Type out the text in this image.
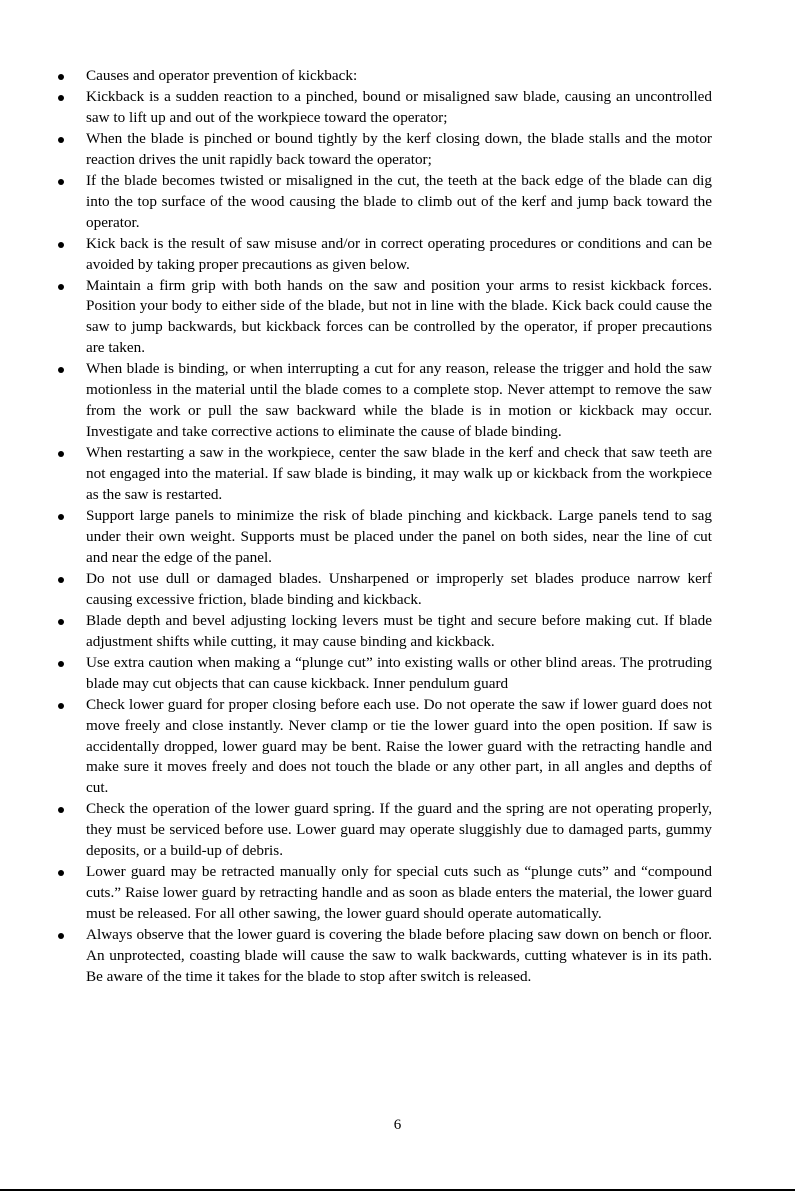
Causes and operator prevention of kickback:
Kickback is a sudden reaction to a pinched, bound or misaligned saw blade, causing an uncontrolled saw to lift up and out of the workpiece toward the operator;
When the blade is pinched or bound tightly by the kerf closing down, the blade stalls and the motor reaction drives the unit rapidly back toward the operator;
If the blade becomes twisted or misaligned in the cut, the teeth at the back edge of the blade can dig into the top surface of the wood causing the blade to climb out of the kerf and jump back toward the operator.
Kick back is the result of saw misuse and/or in correct operating procedures or conditions and can be avoided by taking proper precautions as given below.
Maintain a firm grip with both hands on the saw and position your arms to resist kickback forces. Position your body to either side of the blade, but not in line with the blade. Kick back could cause the saw to jump backwards, but kickback forces can be controlled by the operator, if proper precautions are taken.
When blade is binding, or when interrupting a cut for any reason, release the trigger and hold the saw motionless in the material until the blade comes to a complete stop. Never attempt to remove the saw from the work or pull the saw backward while the blade is in motion or kickback may occur. Investigate and take corrective actions to eliminate the cause of blade binding.
When restarting a saw in the workpiece, center the saw blade in the kerf and check that saw teeth are not engaged into the material. If saw blade is binding, it may walk up or kickback from the workpiece as the saw is restarted.
Support large panels to minimize the risk of blade pinching and kickback. Large panels tend to sag under their own weight. Supports must be placed under the panel on both sides, near the line of cut and near the edge of the panel.
Do not use dull or damaged blades. Unsharpened or improperly set blades produce narrow kerf causing excessive friction, blade binding and kickback.
Blade depth and bevel adjusting locking levers must be tight and secure before making cut. If blade adjustment shifts while cutting, it may cause binding and kickback.
Use extra caution when making a “plunge cut” into existing walls or other blind areas. The protruding blade may cut objects that can cause kickback. Inner pendulum guard
Check lower guard for proper closing before each use. Do not operate the saw if lower guard does not move freely and close instantly. Never clamp or tie the lower guard into the open position. If saw is accidentally dropped, lower guard may be bent. Raise the lower guard with the retracting handle and make sure it moves freely and does not touch the blade or any other part, in all angles and depths of cut.
Check the operation of the lower guard spring. If the guard and the spring are not operating properly, they must be serviced before use. Lower guard may operate sluggishly due to damaged parts, gummy deposits, or a build-up of debris.
Lower guard may be retracted manually only for special cuts such as “plunge cuts” and “compound cuts.” Raise lower guard by retracting handle and as soon as blade enters the material, the lower guard must be released. For all other sawing, the lower guard should operate automatically.
Always observe that the lower guard is covering the blade before placing saw down on bench or floor. An unprotected, coasting blade will cause the saw to walk backwards, cutting whatever is in its path. Be aware of the time it takes for the blade to stop after switch is released.
6
